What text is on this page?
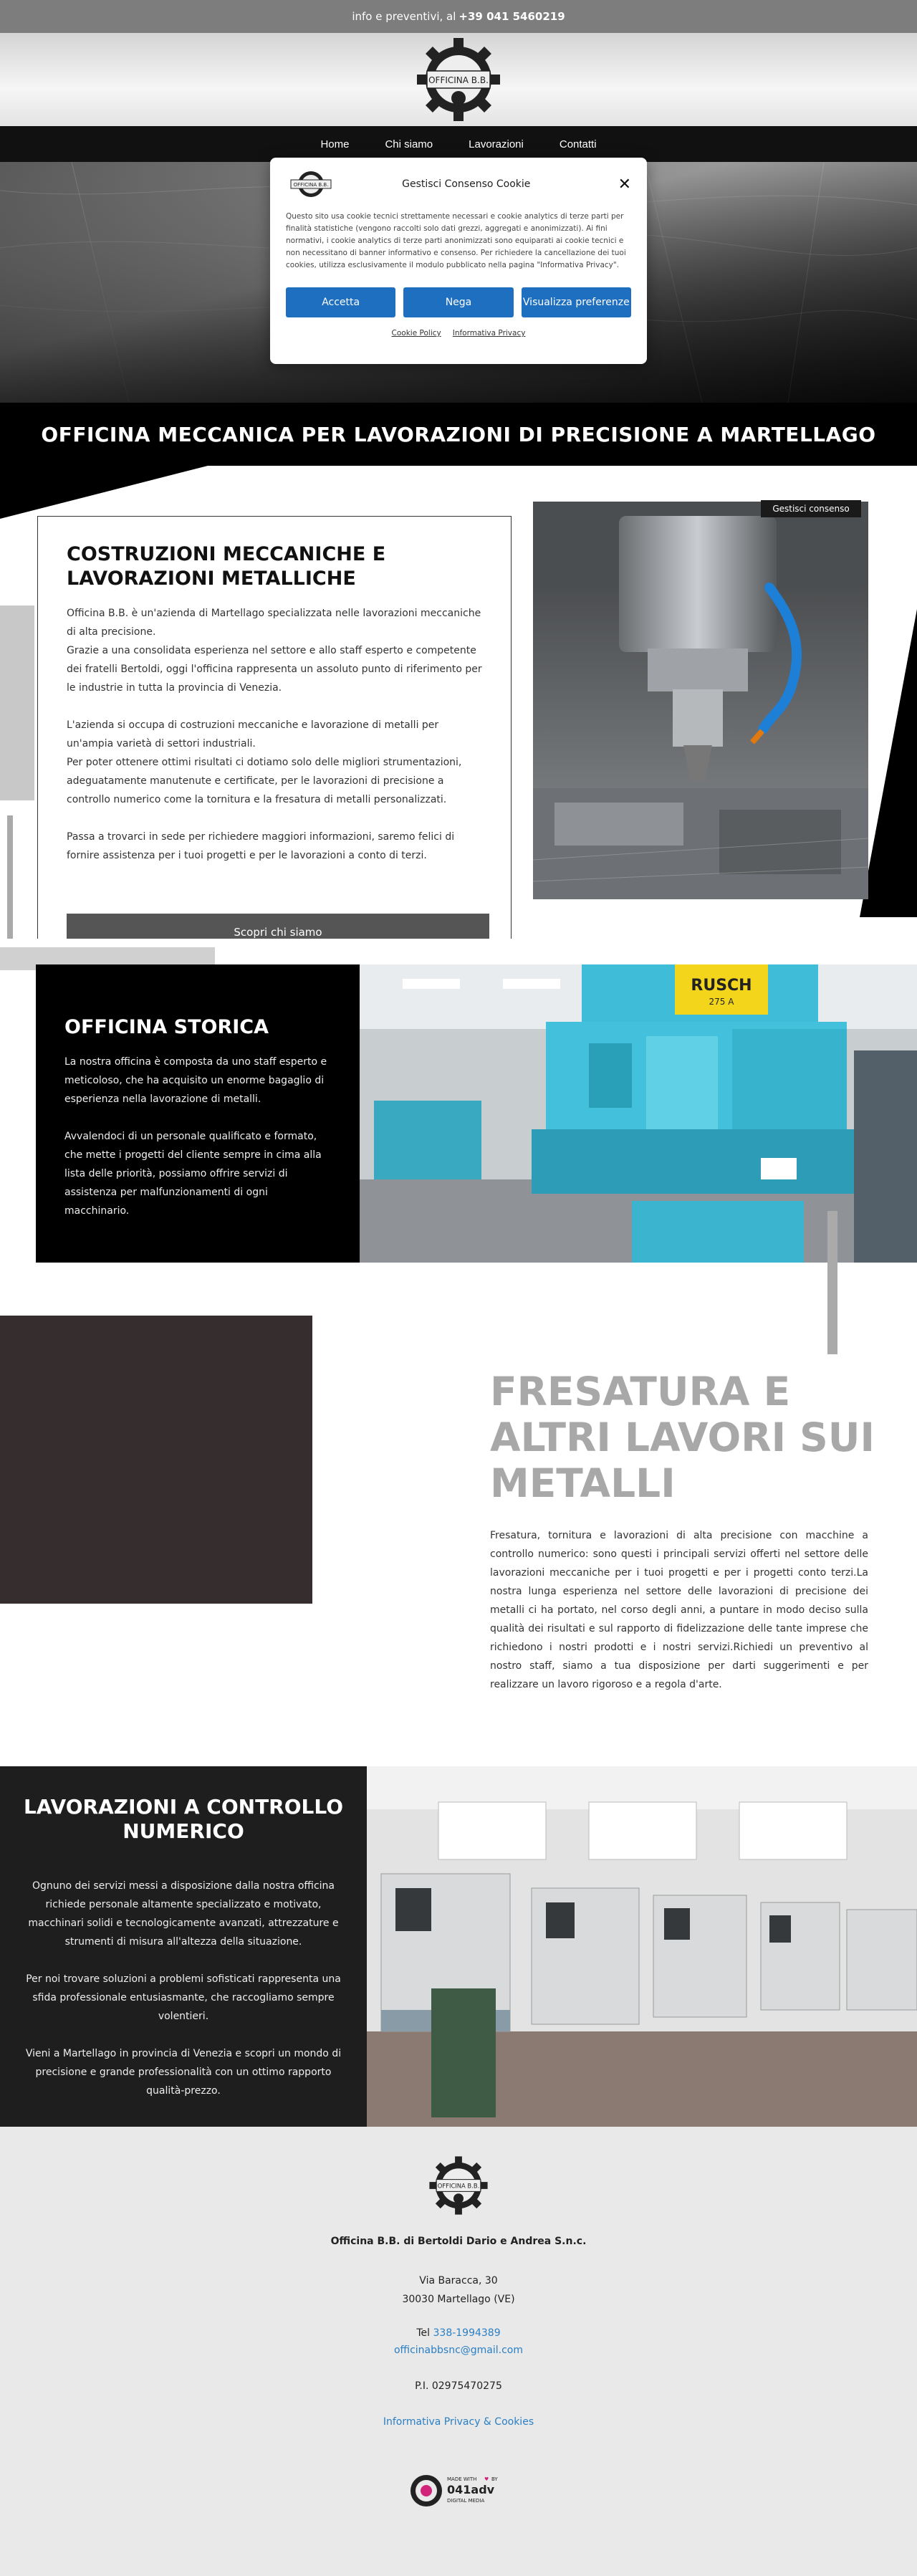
info e preventivi, al +39 041 5460219
OFFICINA B.B.
Home	Chi siamo	Lavorazioni	Contatti
OFFICINA B.B.	Gestisci Consenso Cookie	✕
Questo sito usa cookie tecnici strettamente necessari e cookie analytics di terze parti per finalità statistiche (vengono raccolti solo dati grezzi, aggregati e anonimizzati). Ai fini normativi, i cookie analytics di terze parti anonimizzati sono equiparati ai cookie tecnici e non necessitano di banner informativo e consenso. Per richiedere la cancellazione dei tuoi cookies, utilizza esclusivamente il modulo pubblicato nella pagina "Informativa Privacy".
Accetta	Nega	Visualizza preferenze
Cookie Policy Informativa Privacy
OFFICINA MECCANICA PER LAVORAZIONI DI PRECISIONE A MARTELLAGO
Gestisci consenso
COSTRUZIONI MECCANICHE E LAVORAZIONI METALLICHE

Officina B.B. è un'azienda di Martellago specializzata nelle lavorazioni meccaniche di alta precisione.
Grazie a una consolidata esperienza nel settore e allo staff esperto e competente dei fratelli Bertoldi, oggi l'officina rappresenta un assoluto punto di riferimento per le industrie in tutta la provincia di Venezia.

L'azienda si occupa di costruzioni meccaniche e lavorazione di metalli per un'ampia varietà di settori industriali.
Per poter ottenere ottimi risultati ci dotiamo solo delle migliori strumentazioni, adeguatamente manutenute e certificate, per le lavorazioni di precisione a controllo numerico come la tornitura e la fresatura di metalli personalizzati.

Passa a trovarci in sede per richiedere maggiori informazioni, saremo felici di fornire assistenza per i tuoi progetti e per le lavorazioni a conto di terzi.

Scopri chi siamo
OFFICINA STORICA

La nostra officina è composta da uno staff esperto e meticoloso, che ha acquisito un enorme bagaglio di esperienza nella lavorazione di metalli.

Avvalendoci di un personale qualificato e formato, che mette i progetti del cliente sempre in cima alla lista delle priorità, possiamo offrire servizi di assistenza per malfunzionamenti di ogni macchinario.

RUSCH
275 A
FRESATURA E ALTRI LAVORI SUI METALLI

Fresatura, tornitura e lavorazioni di alta precisione con macchine a controllo numerico: sono questi i principali servizi offerti nel settore delle lavorazioni meccaniche per i tuoi progetti e per i progetti conto terzi.La nostra lunga esperienza nel settore delle lavorazioni di precisione dei metalli ci ha portato, nel corso degli anni, a puntare in modo deciso sulla qualità dei risultati e sul rapporto di fidelizzazione delle tante imprese che richiedono i nostri prodotti e i nostri servizi.Richiedi un preventivo al nostro staff, siamo a tua disposizione per darti suggerimenti e per realizzare un lavoro rigoroso e a regola d'arte.

LAVORAZIONI A CONTROLLO NUMERICO

Ognuno dei servizi messi a disposizione dalla nostra officina richiede personale altamente specializzato e motivato, macchinari solidi e tecnologicamente avanzati, attrezzature e strumenti di misura all'altezza della situazione.

Per noi trovare soluzioni a problemi sofisticati rappresenta una sfida professionale entusiasmante, che raccogliamo sempre volentieri.

Vieni a Martellago in provincia di Venezia e scopri un mondo di precisione e grande professionalità con un ottimo rapporto qualità-prezzo.

OFFICINA B.B.
Officina B.B. di Bertoldi Dario e Andrea S.n.c.
Via Baracca, 30
30030 Martellago (VE)
Tel 338-1994389
officinabbsnc@gmail.com
P.I. 02975470275
Informativa Privacy & Cookies
MADE WITH ♥ BY
041adv
DIGITAL MEDIA
